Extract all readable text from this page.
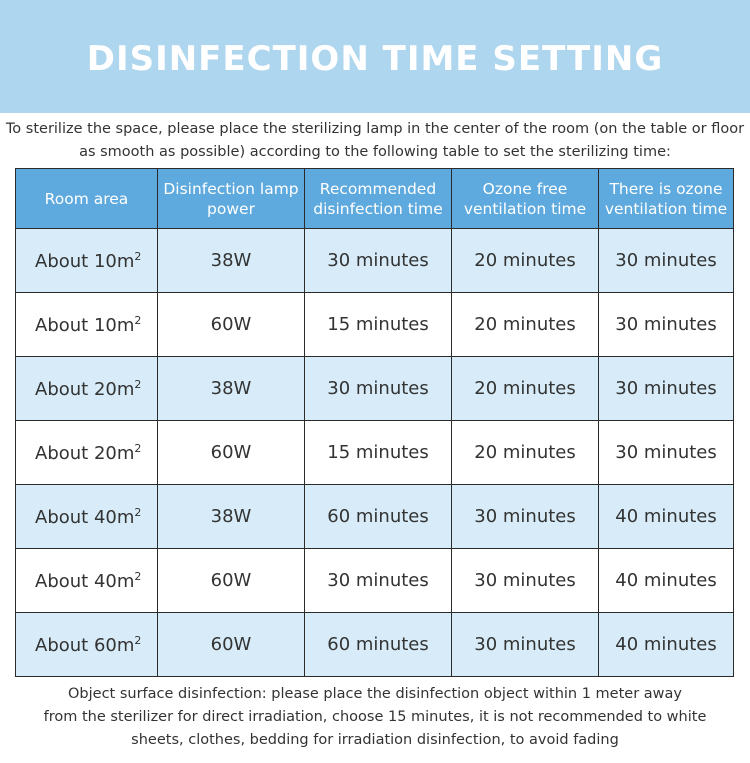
DISINFECTION TIME SETTING
To sterilize the space, please place the sterilizing lamp in the center of the room (on the table or floor
as smooth as possible) according to the following table to set the sterilizing time:
Room area	Disinfection lamp power	Recommended disinfection time	Ozone free ventilation time	There is ozone ventilation time
About $10m^2$	38W	30 minutes	20 minutes	30 minutes
About $10m^2$	60W	15 minutes	20 minutes	30 minutes
About $20m^2$	38W	30 minutes	20 minutes	30 minutes
About $20m^2$	60W	15 minutes	20 minutes	30 minutes
About $40m^2$	38W	60 minutes	30 minutes	40 minutes
About $40m^2$	60W	30 minutes	30 minutes	40 minutes
About $60m^2$	60W	60 minutes	30 minutes	40 minutes

Object surface disinfection: please place the disinfection object within 1 meter away

from the sterilizer for direct irradiation, choose 15 minutes, it is not recommended to white

sheets, clothes, bedding for irradiation disinfection, to avoid fading
